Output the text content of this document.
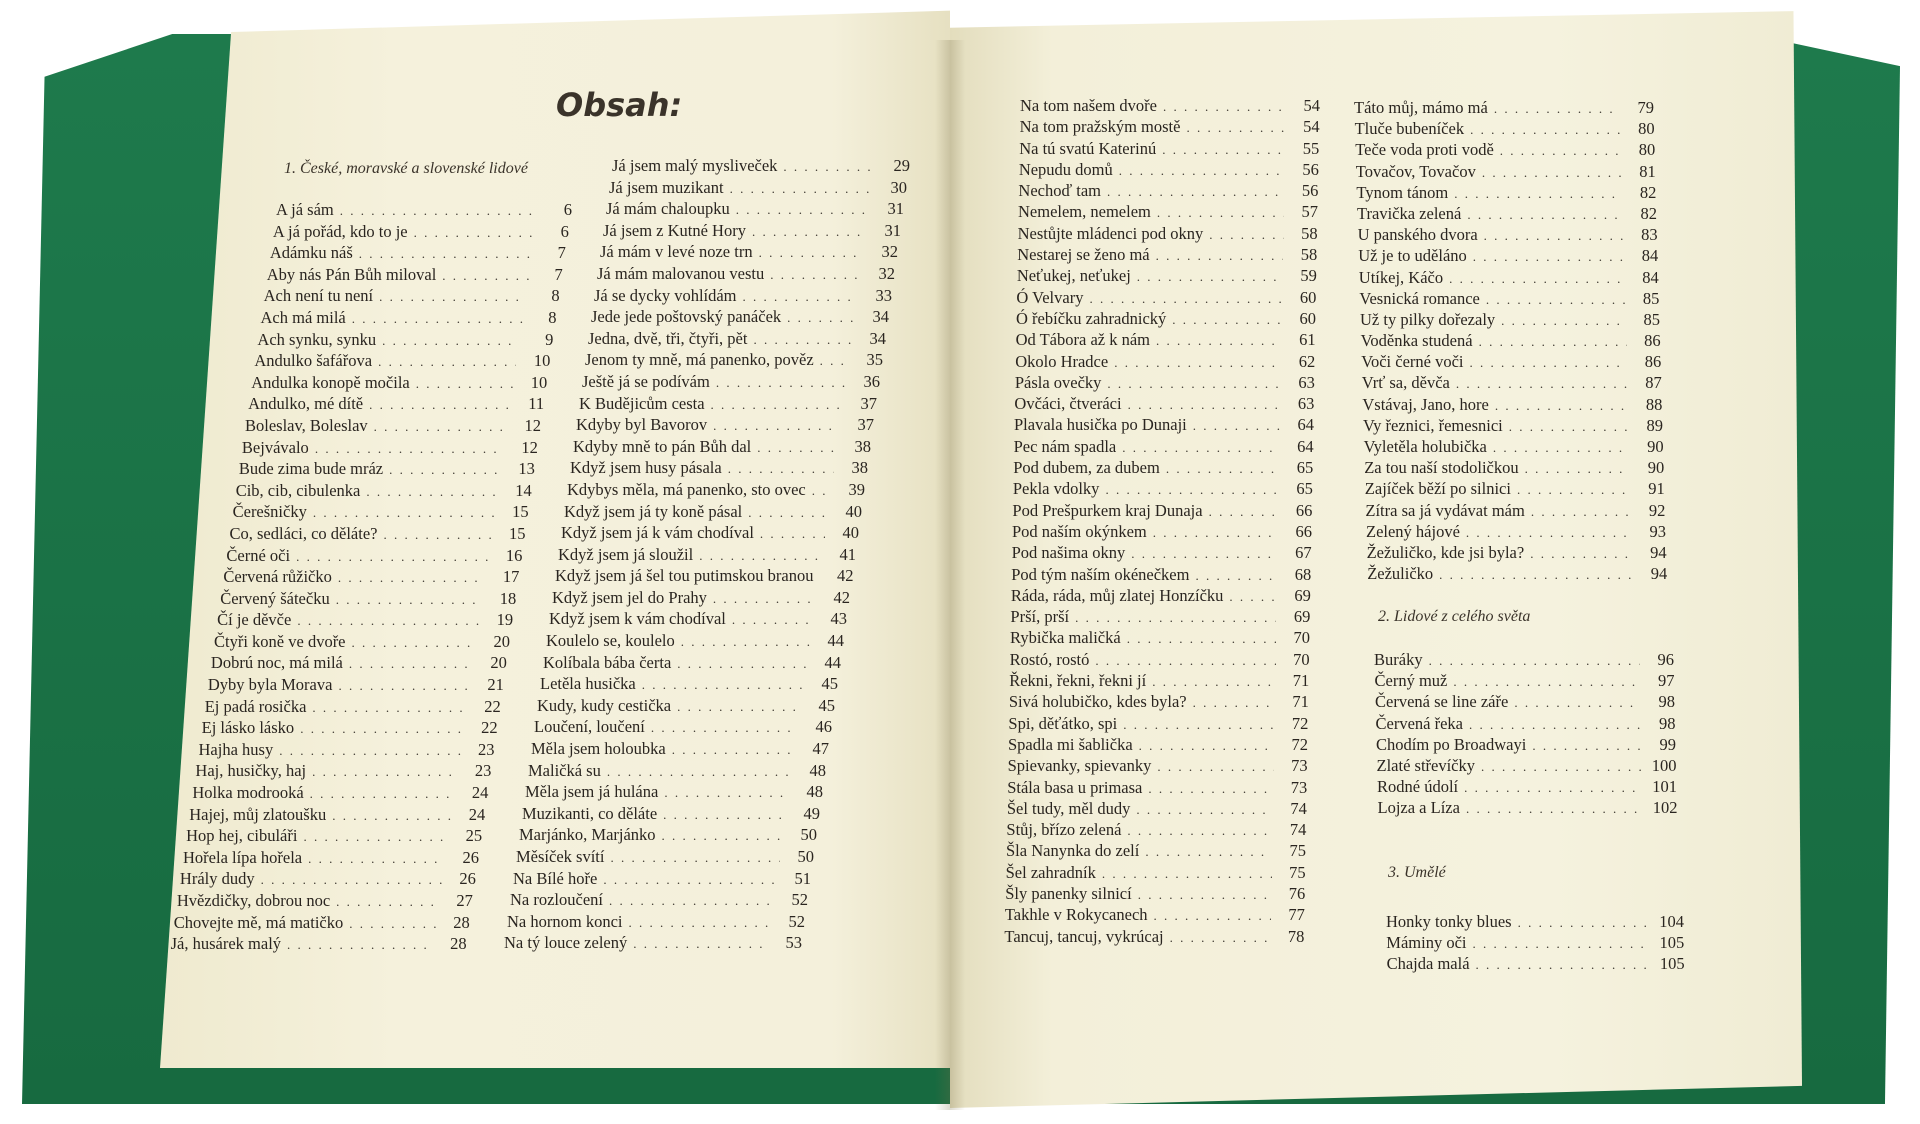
Obsah:
1. České, moravské a slovenské lidové
2. Lidové z celého světa
3. Umělé
A já sám . . .	6
A já pořád, kdo to je . . .	6
Adámku náš . . .	7
Aby nás Pán Bůh miloval . . .	7
Ach není tu není . . .	8
Ach má milá . . .	8
Ach synku, synku . . .	9
Andulko šafářova . . .	10
Andulka konopě močila . . .	10
Andulko, mé dítě . . .	11
Boleslav, Boleslav . . .	12
Bejvávalo . . .	12
Bude zima bude mráz . . .	13
Cib, cib, cibulenka . . .	14
Čerešničky . . .	15
Co, sedláci, co děláte? . . .	15
Černé oči . . .	16
Červená růžičko . . .	17
Červený šátečku . . .	18
Čí je děvče . . .	19
Čtyři koně ve dvoře . . .	20
Dobrú noc, má milá . . .	20
Dyby byla Morava . . .	21
Ej padá rosička . . .	22
Ej lásko lásko . . .	22
Hajha husy . . .	23
Haj, husičky, haj . . .	23
Holka modrooká . . .	24
Hajej, můj zlatoušku . . .	24
Hop hej, cibuláři . . .	25
Hořela lípa hořela . . .	26
Hrály dudy . . .	26
Hvězdičky, dobrou noc . . .	27
Chovejte mě, má matičko . . .	28
Já, husárek malý . . .	28
Já jsem malý mysliveček . . .	29
Já jsem muzikant . . .	30
Já mám chaloupku . . .	31
Já jsem z Kutné Hory . . .	31
Já mám v levé noze trn . . .	32
Já mám malovanou vestu . . .	32
Já se dycky vohlídám . . .	33
Jede jede poštovský panáček . . .	34
Jedna, dvě, tři, čtyři, pět . . .	34
Jenom ty mně, má panenko, pověz . . .	35
Ještě já se podívám . . .	36
K Budějicům cesta . . .	37
Kdyby byl Bavorov . . .	37
Kdyby mně to pán Bůh dal . . .	38
Když jsem husy pásala . . .	38
Kdybys měla, má panenko, sto ovec . . .	39
Když jsem já ty koně pásal . . .	40
Když jsem já k vám chodíval . . .	40
Když jsem já sloužil . . .	41
Když jsem já šel tou putimskou branou	42
Když jsem jel do Prahy . . .	42
Když jsem k vám chodíval . . .	43
Koulelo se, koulelo . . .	44
Kolíbala bába čerta . . .	44
Letěla husička . . .	45
Kudy, kudy cestička . . .	45
Loučení, loučení . . .	46
Měla jsem holoubka . . .	47
Maličká su . . .	48
Měla jsem já hulána . . .	48
Muzikanti, co děláte . . .	49
Marjánko, Marjánko . . .	50
Měsíček svítí . . .	50
Na Bílé hoře . . .	51
Na rozloučení . . .	52
Na hornom konci . . .	52
Na tý louce zelený . . .	53
Na tom našem dvoře . . .	54
Na tom pražským mostě . . .	54
Na tú svatú Katerinú . . .	55
Nepudu domů . . .	56
Nechoď tam . . .	56
Nemelem, nemelem . . .	57
Nestůjte mládenci pod okny . . .	58
Nestarej se ženo má . . .	58
Neťukej, neťukej . . .	59
Ó Velvary . . .	60
Ó řebíčku zahradnický . . .	60
Od Tábora až k nám . . .	61
Okolo Hradce . . .	62
Pásla ovečky . . .	63
Ovčáci, čtveráci . . .	63
Plavala husička po Dunaji . . .	64
Pec nám spadla . . .	64
Pod dubem, za dubem . . .	65
Pekla vdolky . . .	65
Pod Prešpurkem kraj Dunaja . . .	66
Pod naším okýnkem . . .	66
Pod našima okny . . .	67
Pod tým naším okénečkem . . .	68
Ráda, ráda, můj zlatej Honzíčku . . .	69
Prší, prší . . .	69
Rybička maličká . . .	70
Rostó, rostó . . .	70
Řekni, řekni, řekni jí . . .	71
Sivá holubičko, kdes byla? . . .	71
Spi, děťátko, spi . . .	72
Spadla mi šablička . . .	72
Spievanky, spievanky . . .	73
Stála basa u primasa . . .	73
Šel tudy, měl dudy . . .	74
Stůj, břízo zelená . . .	74
Šla Nanynka do zelí . . .	75
Šel zahradník . . .	75
Šly panenky silnicí . . .	76
Takhle v Rokycanech . . .	77
Tancuj, tancuj, vykrúcaj . . .	78
Táto můj, mámo má . . .	79
Tluče bubeníček . . .	80
Teče voda proti vodě . . .	80
Tovačov, Tovačov . . .	81
Tynom tánom . . .	82
Travička zelená . . .	82
U panského dvora . . .	83
Už je to uděláno . . .	84
Utíkej, Káčo . . .	84
Vesnická romance . . .	85
Už ty pilky dořezaly . . .	85
Voděnka studená . . .	86
Voči černé voči . . .	86
Vrť sa, děvča . . .	87
Vstávaj, Jano, hore . . .	88
Vy řeznici, řemesnici . . .	89
Vyletěla holubička . . .	90
Za tou naší stodoličkou . . .	90
Zajíček běží po silnici . . .	91
Zítra sa já vydávat mám . . .	92
Zelený hájové . . .	93
Žežuličko, kde jsi byla? . . .	94
Žežuličko . . .	94
Buráky . . .	96
Černý muž . . .	97
Červená se line záře . . .	98
Červená řeka . . .	98
Chodím po Broadwayi . . .	99
Zlaté střevíčky . . .	100
Rodné údolí . . .	101
Lojza a Líza . . .	102
Honky tonky blues . . .	104
Máminy oči . . .	105
Chajda malá . . .	105
